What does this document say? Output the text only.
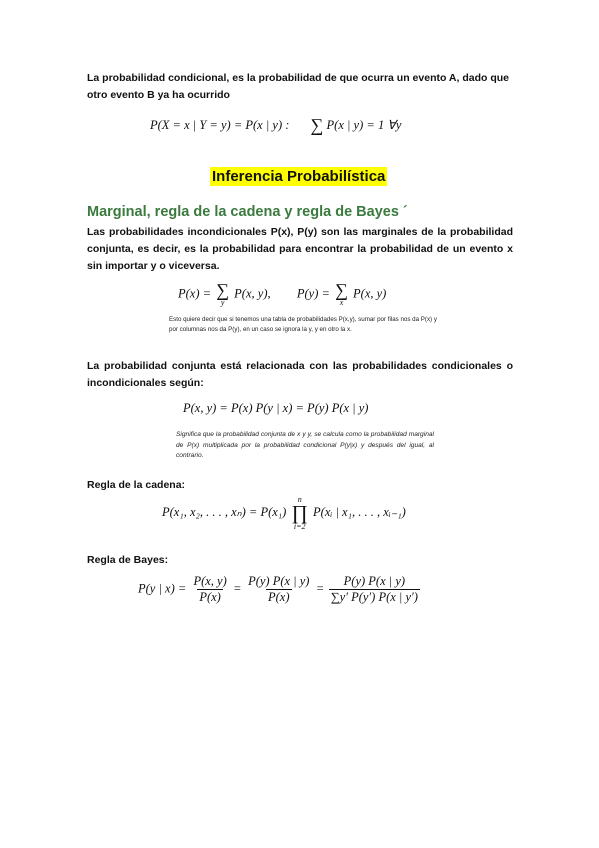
La probabilidad condicional, es la probabilidad de que ocurra un evento A, dado que otro evento B ya ha ocurrido
P(X = x | Y = y) = P(x | y) : ∑ P(x | y) = 1 ∀y
Inferencia Probabilística
Marginal, regla de la cadena y regla de Bayes ´
Las probabilidades incondicionales P(x), P(y) son las marginales de la probabilidad conjunta, es decir, es la probabilidad para encontrar la probabilidad de un evento x sin importar y o viceversa.
P(x) = ∑
y
P(x, y), P(y) = ∑
x
P(x, y)
Esto quiere decir que si tenemos una tabla de probabilidades P(x,y), sumar por filas nos da P(x) y por columnas nos da P(y), en un caso se ignora la y, y en otro la x.
La probabilidad conjunta está relacionada con las probabilidades condicionales o incondicionales según:
P(x, y) = P(x) P(y | x) = P(y) P(x | y)
Significa que la probabilidad conjunta de x y y, se calcula como la probabilidad marginal de P(x) multiplicada por la probabilidad condicional P(y|x) y después del igual, al contrario.
Regla de la cadena:
P(x₁, x₂, . . . , xₙ) = P(x₁)
n
∏
i=2
P(xᵢ | x₁, . . . , xᵢ₋₁)
Regla de Bayes:
P(y | $x) = \frac{P(x, y)}{P(x)} = \frac{P(y) P(x | y)}{P(x)} = \frac{P(y) P(x | y)}{\sum y' P(y') P(x | y')}$
